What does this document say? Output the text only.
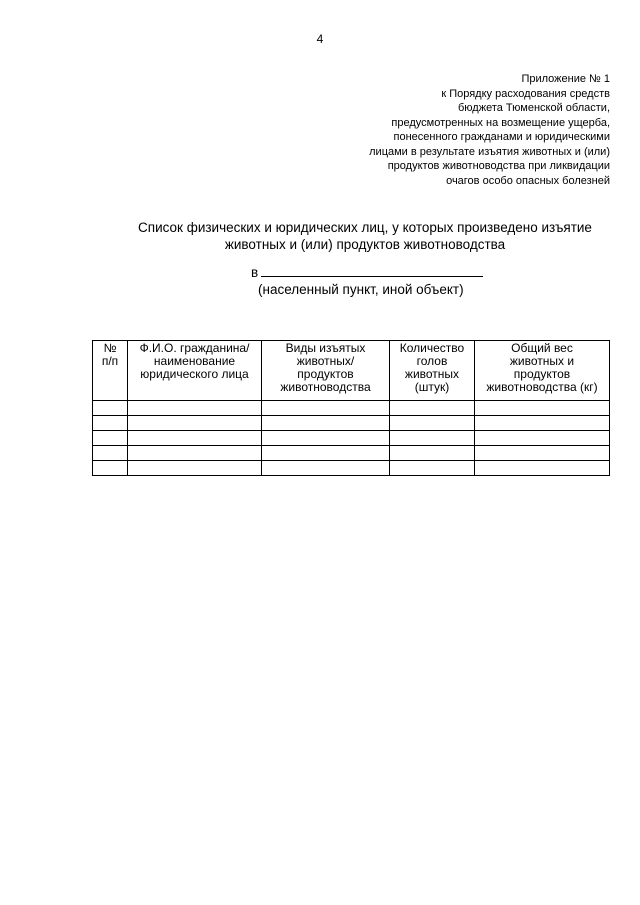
4
Приложение № 1
к Порядку расходования средств
бюджета Тюменской области,
предусмотренных на возмещение ущерба,
понесенного гражданами и юридическими
лицами в результате изъятия животных и (или)
продуктов животноводства при ликвидации
очагов особо опасных болезней
Список физических и юридических лиц, у которых произведено изъятие
животных и (или) продуктов животноводства
в
(населенный пункт, иной объект)
№
п/п	Ф.И.О. гражданина/
наименование
юридического лица	Виды изъятых
животных/
продуктов
животноводства	Количество
голов
животных
(штук)	Общий вес
животных и
продуктов
животноводства (кг)
